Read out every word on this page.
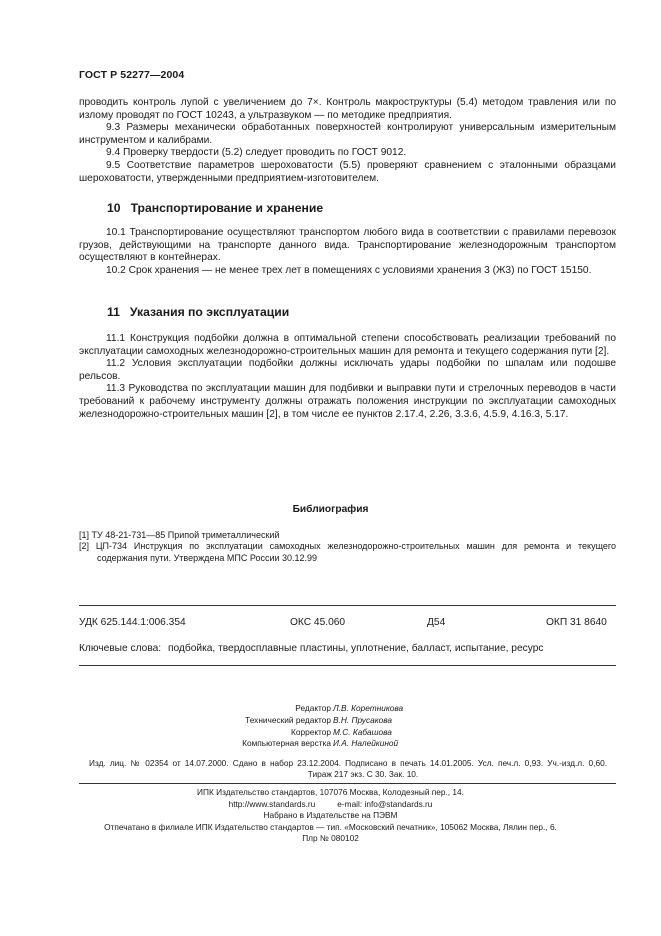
ГОСТ Р 52277—2004

проводить контроль лупой с увеличением до 7×. Контроль макроструктуры (5.4) методом травления или по излому проводят по ГОСТ 10243, а ультразвуком — по методике предприятия.

9.3 Размеры механически обработанных поверхностей контролируют универсальным измерительным инструментом и калибрами.

9.4 Проверку твердости (5.2) следует проводить по ГОСТ 9012.

9.5 Соответствие параметров шероховатости (5.5) проверяют сравнением с эталонными образцами шероховатости, утвержденными предприятием-изготовителем.

10 Транспортирование и хранение

10.1 Транспортирование осуществляют транспортом любого вида в соответствии с правилами перевозок грузов, действующими на транспорте данного вида. Транспортирование железнодорожным транспортом осуществляют в контейнерах.

10.2 Срок хранения — не менее трех лет в помещениях с условиями хранения 3 (Ж3) по ГОСТ 15150.

11 Указания по эксплуатации

11.1 Конструкция подбойки должна в оптимальной степени способствовать реализации требований по эксплуатации самоходных железнодорожно-строительных машин для ремонта и текущего содержания пути [2].

11.2 Условия эксплуатации подбойки должны исключать удары подбойки по шпалам или подошве рельсов.

11.3 Руководства по эксплуатации машин для подбивки и выправки пути и стрелочных переводов в части требований к рабочему инструменту должны отражать положения инструкции по эксплуатации самоходных железнодорожно-строительных машин [2], в том числе ее пунктов 2.17.4, 2.26, 3.3.6, 4.5.9, 4.16.3, 5.17.

Библиография
[1] ТУ 48-21-731—85 Припой триметаллический
[2] ЦП-734 Инструкция по эксплуатации самоходных железнодорожно-строительных машин для ремонта и текущего содержания пути. Утверждена МПС России 30.12.99
УДК 625.144.1:006.354	ОКС 45.060	Д54	ОКП 31 8640
Ключевые слова: подбойка, твердосплавные пластины, уплотнение, балласт, испытание, ресурс
Редактор Л.В. Коретникова
Технический редактор В.Н. Прусакова
Корректор М.С. Кабашова
Компьютерная верстка И.А. Налейкиной
Изд. лиц. № 02354 от 14.07.2000. Сдано в набор 23.12.2004. Подписано в печать 14.01.2005. Усл. печ.л. 0,93. Уч.-изд.л. 0,60.
Тираж 217 экз. С 30. Зак. 10.
ИПК Издательство стандартов, 107076 Москва, Колодезный пер., 14.
http://www.standards.ru	e-mail: info@standards.ru
Набрано в Издательстве на ПЭВМ
Отпечатано в филиале ИПК Издательство стандартов — тип. «Московский печатник», 105062 Москва, Лялин пер., 6.
Плр № 080102
